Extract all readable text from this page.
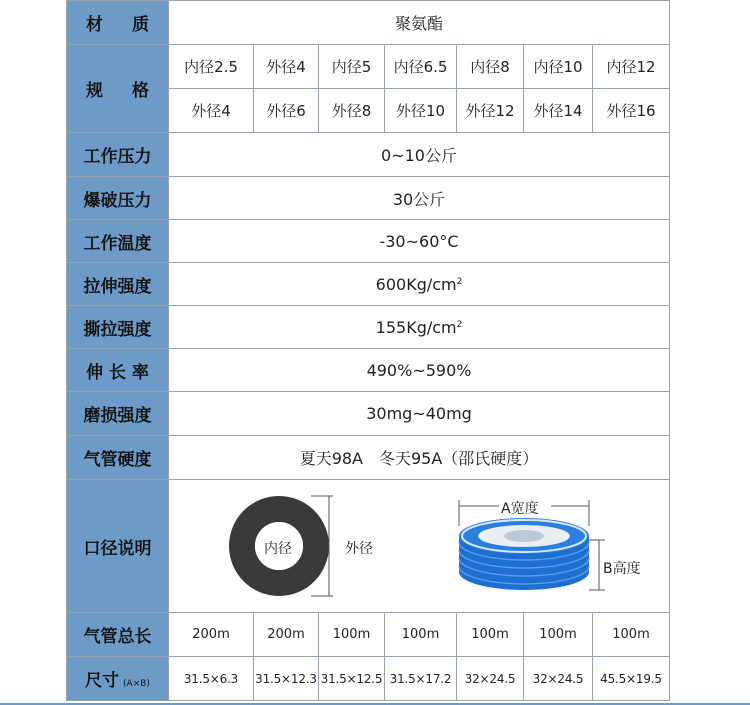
材　质	聚氨酯						
规　格	内径2.5	外径4	内径5	内径6.5	内径8	内径10	内径12
	外径4	外径6	外径8	外径10	外径12	外径14	外径16
工作压力	0~10公斤						
爆破压力	30公斤						
工作温度	-30~60°C						
拉伸强度	$600Kg/cm^2$
撕拉强度	$155Kg/cm^2$
伸 长 率	490%~590%						
磨损强度	30mg~40mg						
气管硬度	夏天98A　冬天95A（邵氏硬度）						
口径说明	内径 外径
A宽度
B高度						

气管总长	200m	200m	100m	100m	100m	100m	100m
尺寸 (A×B)	31.5×6.3	31.5×12.3	31.5×12.5	31.5×17.2	32×24.5	32×24.5	45.5×19.5
